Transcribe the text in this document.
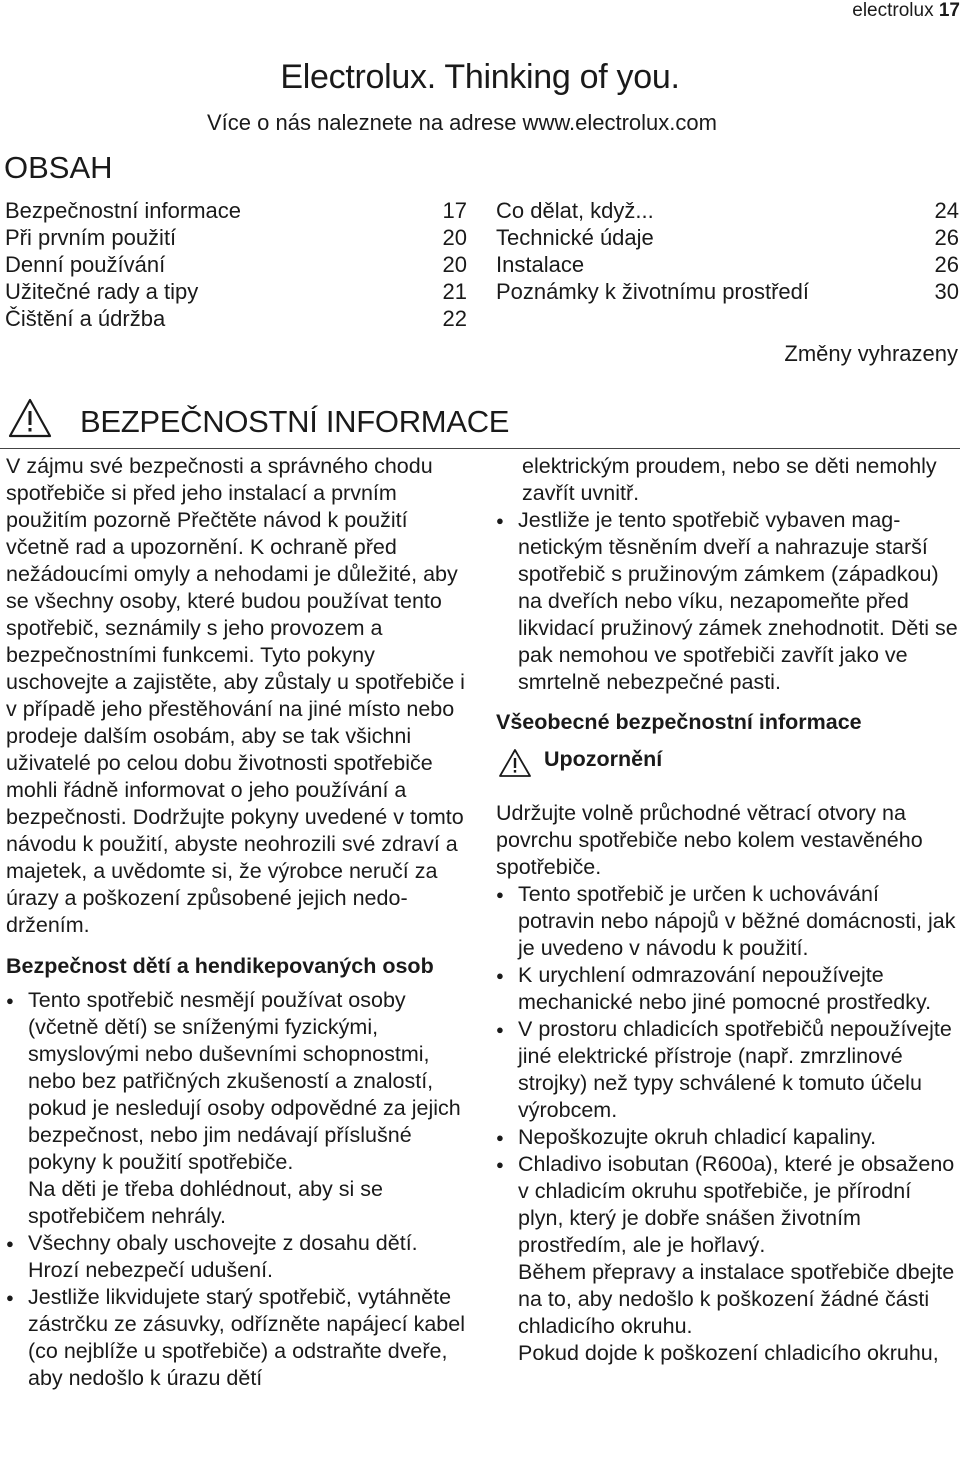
electrolux 17
Electrolux. Thinking of you.
Více o nás naleznete na adrese www.electrolux.com
OBSAH
Bezpečnostní informace	17
Při prvním použití	20
Denní používání	20
Užitečné rady a tipy	21
Čištění a údržba	22
Co dělat, když...	24
Technické údaje	26
Instalace	26
Poznámky k životnímu prostředí	30
Změny vyhrazeny
BEZPEČNOSTNÍ INFORMACE

V zájmu své bezpečnosti a správného chodu spotřebiče si před jeho instalací a prvním použitím pozorně Přečtěte návod k použití včetně rad a upozornění. K ochraně před nežádoucími omyly a nehodami je důležité, aby se všechny osoby, které budou používat tento spotřebič, seznámily s jeho provozem a bezpečnostními funkcemi. Tyto pokyny uschovejte a zajistěte, aby zůstaly u spotřebiče i v případě jeho přestěhování na jiné místo nebo prodeje dalším osobám, aby se tak všichni uživatelé po celou dobu životnosti spotřebiče mohli řádně informovat o jeho používání a bezpečnosti. Dodržujte pokyny uvedené v tomto návodu k použití, abyste neohrozili své zdraví a majetek, a uvědomte si, že výrobce neručí za úrazy a poškození způsobené jejich nedodržením.

Bezpečnost dětí a hendikepovaných osob

● Tento spotřebič nesmějí používat osoby (včetně dětí) se sníženými fyzickými, smyslovými nebo duševními schopnostmi, nebo bez patřičných zkušeností a znalostí, pokud je nesledují osoby odpovědné za jejich bezpečnost, nebo jim nedávají příslušné pokyny k použití spotřebiče.
Na děti je třeba dohlédnout, aby si se spotřebičem nehrály.
● Všechny obaly uschovejte z dosahu dětí. Hrozí nebezpečí udušení.
● Jestliže likvidujete starý spotřebič, vytáhněte zástrčku ze zásuvky, odřízněte napájecí kabel (co nejblíže u spotřebiče) a odstraňte dveře, aby nedošlo k úrazu dětí

elektrickým proudem, nebo se děti nemohly zavřít uvnitř.

● Jestliže je tento spotřebič vybaven magnetickým těsněním dveří a nahrazuje starší spotřebič s pružinovým zámkem (západkou) na dveřích nebo víku, nezapomeňte před likvidací pružinový zámek znehodnotit. Děti se pak nemohou ve spotřebiči zavřít jako ve smrtelně nebezpečné pasti.

Všeobecné bezpečnostní informace

Upozornění

Udržujte volně průchodné větrací otvory na povrchu spotřebiče nebo kolem vestavěného spotřebiče.

● Tento spotřebič je určen k uchovávání potravin nebo nápojů v běžné domácnosti, jak je uvedeno v návodu k použití.
● K urychlení odmrazování nepoužívejte mechanické nebo jiné pomocné prostředky.
● V prostoru chladicích spotřebičů nepoužívejte jiné elektrické přístroje (např. zmrzlinové strojky) než typy schválené k tomuto účelu výrobcem.
● Nepoškozujte okruh chladicí kapaliny.
● Chladivo isobutan (R600a), které je obsaženo v chladicím okruhu spotřebiče, je přírodní plyn, který je dobře snášen životním prostředím, ale je hořlavý.
Během přepravy a instalace spotřebiče dbejte na to, aby nedošlo k poškození žádné části chladicího okruhu.
Pokud dojde k poškození chladicího okruhu,
